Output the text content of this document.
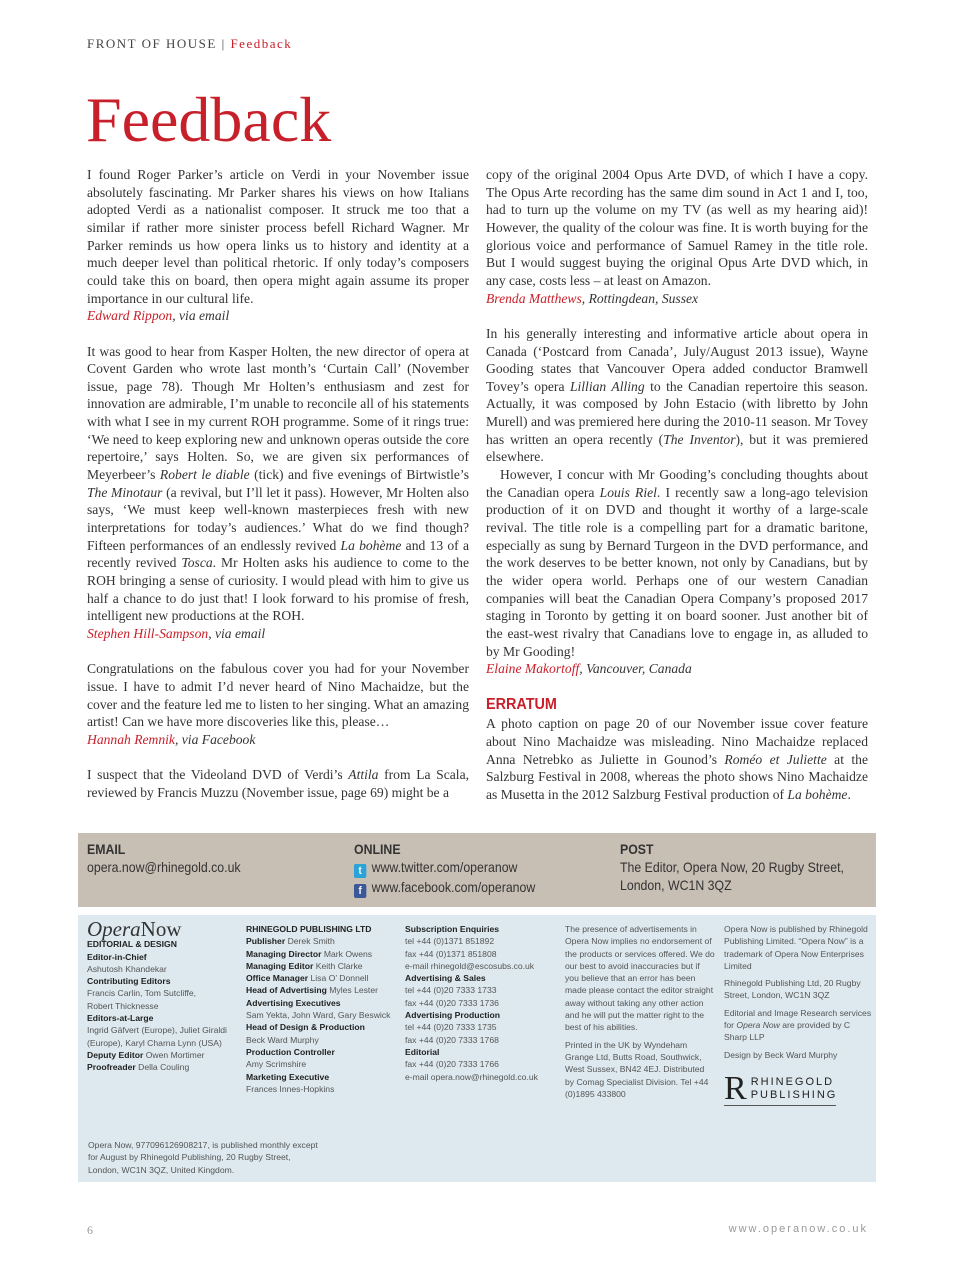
FRONT OF HOUSE | Feedback
Feedback

I found Roger Parker’s article on Verdi in your November issue absolutely fascinating. Mr Parker shares his views on how Italians adopted Verdi as a nationalist composer. It struck me too that a similar if rather more sinister process befell Richard Wagner. Mr Parker reminds us how opera links us to history and identity at a much deeper level than political rhetoric. If only today’s composers could take this on board, then opera might again assume its proper importance in our cultural life.

Edward Rippon, via email

It was good to hear from Kasper Holten, the new director of opera at Covent Garden who wrote last month’s ‘Curtain Call’ (November issue, page 78). Though Mr Holten’s enthusiasm and zest for innovation are admirable, I’m unable to reconcile all of his statements with what I see in my current ROH programme. Some of it rings true: ‘We need to keep exploring new and unknown operas outside the core repertoire,’ says Holten. So, we are given six performances of Meyerbeer’s Robert le diable (tick) and five evenings of Birtwistle’s The Minotaur (a revival, but I’ll let it pass). However, Mr Holten also says, ‘We must keep well-known masterpieces fresh with new interpretations for today’s audiences.’ What do we find though? Fifteen performances of an endlessly revived La bohème and 13 of a recently revived Tosca. Mr Holten asks his audience to come to the ROH bringing a sense of curiosity. I would plead with him to give us half a chance to do just that! I look forward to his promise of fresh, intelligent new productions at the ROH.

Stephen Hill-Sampson, via email

Congratulations on the fabulous cover you had for your November issue. I have to admit I’d never heard of Nino Machaidze, but the cover and the feature led me to listen to her singing. What an amazing artist! Can we have more discoveries like this, please…

Hannah Remnik, via Facebook

I suspect that the Videoland DVD of Verdi’s Attila from La Scala, reviewed by Francis Muzzu (November issue, page 69) might be a

copy of the original 2004 Opus Arte DVD, of which I have a copy. The Opus Arte recording has the same dim sound in Act 1 and I, too, had to turn up the volume on my TV (as well as my hearing aid)! However, the quality of the colour was fine. It is worth buying for the glorious voice and performance of Samuel Ramey in the title role. But I would suggest buying the original Opus Arte DVD which, in any case, costs less – at least on Amazon.

Brenda Matthews, Rottingdean, Sussex

In his generally interesting and informative article about opera in Canada (‘Postcard from Canada’, July/August 2013 issue), Wayne Gooding states that Vancouver Opera added conductor Bramwell Tovey’s opera Lillian Alling to the Canadian repertoire this season. Actually, it was composed by John Estacio (with libretto by John Murell) and was premiered here during the 2010-11 season. Mr Tovey has written an opera recently (The Inventor), but it was premiered elsewhere.

However, I concur with Mr Gooding’s concluding thoughts about the Canadian opera Louis Riel. I recently saw a long-ago television production of it on DVD and thought it worthy of a large-scale revival. The title role is a compelling part for a dramatic baritone, especially as sung by Bernard Turgeon in the DVD performance, and the work deserves to be better known, not only by Canadians, but by the wider opera world. Perhaps one of our western Canadian companies will beat the Canadian Opera Company’s proposed 2017 staging in Toronto by getting it on board sooner. Just another bit of the east-west rivalry that Canadians love to engage in, as alluded to by Mr Gooding!

Elaine Makortoff, Vancouver, Canada

ERRATUM

A photo caption on page 20 of our November issue cover feature about Nino Machaidze was misleading. Nino Machaidze replaced Anna Netrebko as Juliette in Gounod’s Roméo et Juliette at the Salzburg Festival in 2008, whereas the photo shows Nino Machaidze as Musetta in the 2012 Salzburg Festival production of La bohème.

EMAIL
opera.now@rhinegold.co.uk
ONLINE
t www.twitter.com/operanow
f www.facebook.com/operanow
POST
The Editor, Opera Now, 20 Rugby Street,
London, WC1N 3QZ
OperaNow
EDITORIAL & DESIGN
Editor-in-Chief
Ashutosh Khandekar
Contributing Editors
Francis Carlin, Tom Sutcliffe,
Robert Thicknesse
Editors-at-Large
Ingrid Gäfvert (Europe), Juliet Giraldi
(Europe), Karyl Charna Lynn (USA)
Deputy Editor Owen Mortimer
Proofreader Della Couling
RHINEGOLD PUBLISHING LTD
Publisher Derek Smith
Managing Director Mark Owens
Managing Editor Keith Clarke
Office Manager Lisa O’ Donnell
Head of Advertising Myles Lester
Advertising Executives
Sam Yekta, John Ward, Gary Beswick
Head of Design & Production
Beck Ward Murphy
Production Controller
Amy Scrimshire
Marketing Executive
Frances Innes-Hopkins
Subscription Enquiries
tel +44 (0)1371 851892
fax +44 (0)1371 851808
e-mail rhinegold@escosubs.co.uk
Advertising & Sales
tel +44 (0)20 7333 1733
fax +44 (0)20 7333 1736
Advertising Production
tel +44 (0)20 7333 1735
fax +44 (0)20 7333 1768
Editorial
fax +44 (0)20 7333 1766
e-mail opera.now@rhinegold.co.uk

The presence of advertisements in Opera Now implies no endorsement of the products or services offered. We do our best to avoid inaccuracies but if you believe that an error has been made please contact the editor straight away without taking any other action and he will put the matter right to the best of his abilities.

Printed in the UK by Wyndeham Grange Ltd, Butts Road, Southwick, West Sussex, BN42 4EJ. Distributed by Comag Specialist Division. Tel +44 (0)1895 433800

Opera Now is published by Rhinegold Publishing Limited. “Opera Now” is a trademark of Opera Now Enterprises Limited

Rhinegold Publishing Ltd, 20 Rugby Street, London, WC1N 3QZ

Editorial and Image Research services for Opera Now are provided by C Sharp LLP

Design by Beck Ward Murphy

R RHINEGOLD
PUBLISHING
Opera Now, 977096126908217, is published monthly except for August by Rhinegold Publishing, 20 Rugby Street, London, WC1N 3QZ, United Kingdom.
6	www.operanow.co.uk
